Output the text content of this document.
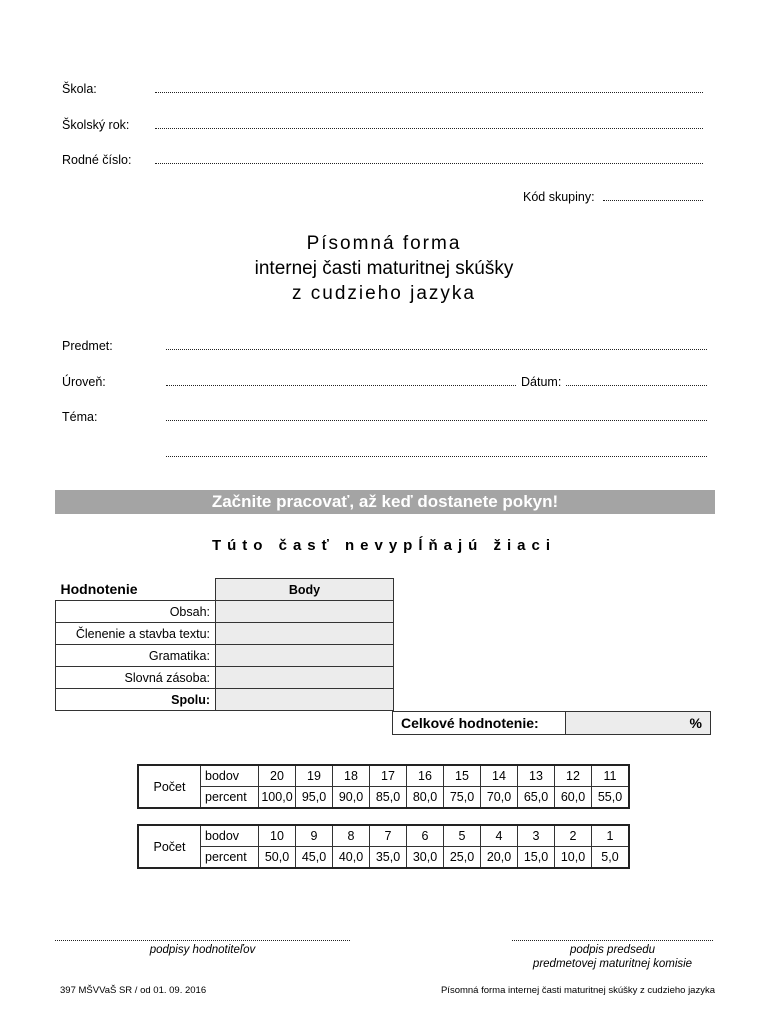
Škola:
Školský rok:
Rodné číslo:
Kód skupiny:
Písomná forma
internej časti maturitnej skúšky
z cudzieho jazyka
Predmet:
Úroveň:	Dátum:
Téma:
Začnite pracovať, až keď dostanete pokyn!
Túto časť nevypĺňajú žiaci
Hodnotenie	Body
Obsah:	
Členenie a stavba textu:	
Gramatika:	
Slovná zásoba:	
Spolu:	
Celkové hodnotenie:	%
Počet	bodov	20	19	18	17	16	15	14	13	12	11
	percent	100,0	95,0	90,0	85,0	80,0	75,0	70,0	65,0	60,0	55,0
Počet	bodov	10	9	8	7	6	5	4	3	2	1
	percent	50,0	45,0	40,0	35,0	30,0	25,0	20,0	15,0	10,0	5,0
podpisy hodnotiteľov	podpis predsedu
predmetovej maturitnej komisie
397 MŠVVaŠ SR / od 01. 09. 2016	Písomná forma internej časti maturitnej skúšky z cudzieho jazyka
